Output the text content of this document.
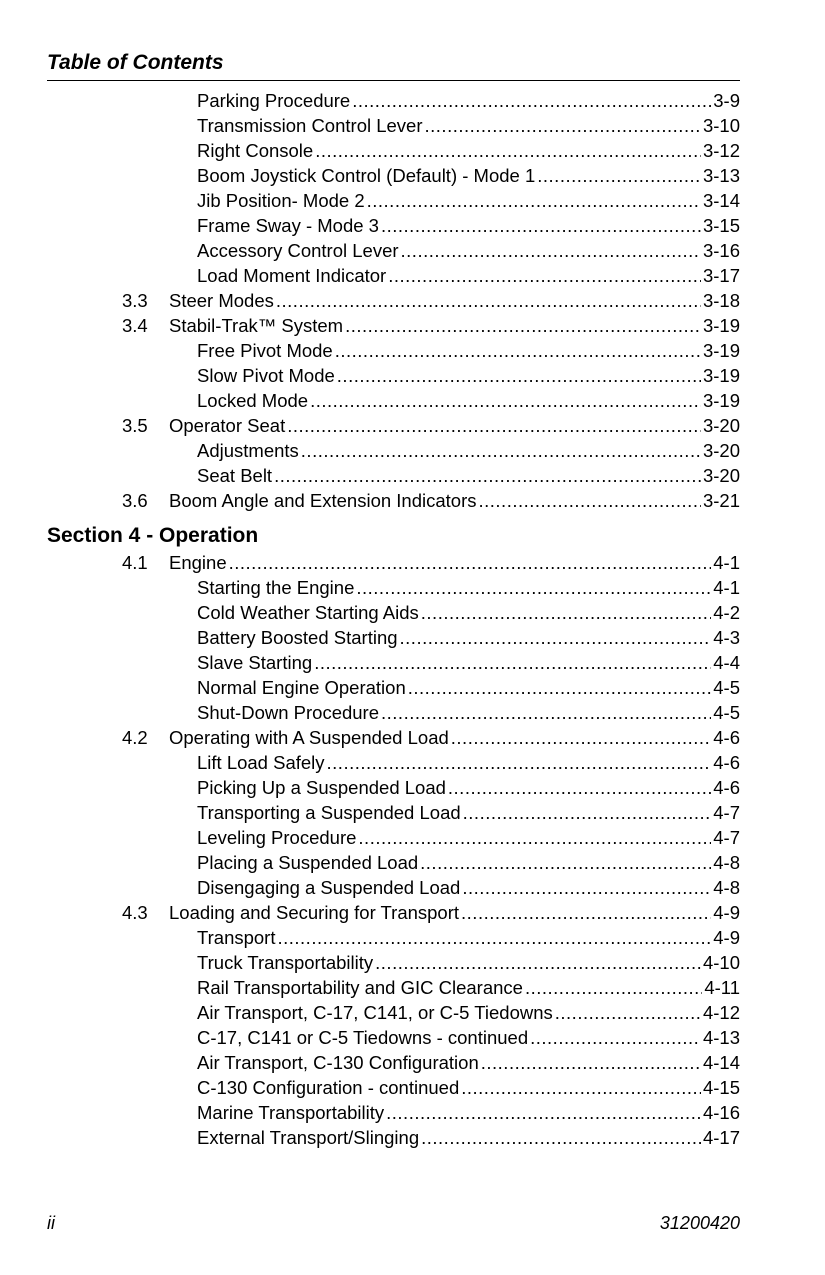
Table of Contents
Parking Procedure .....	3-9
Transmission Control Lever .....	3-10
Right Console .....	3-12
Boom Joystick Control (Default) - Mode 1 .....	3-13
Jib Position- Mode 2 .....	3-14
Frame Sway - Mode 3 .....	3-15
Accessory Control Lever .....	3-16
Load Moment Indicator .....	3-17
3.3 Steer Modes .....	3-18
3.4 Stabil-Trak™ System .....	3-19
Free Pivot Mode .....	3-19
Slow Pivot Mode .....	3-19
Locked Mode .....	3-19
3.5 Operator Seat .....	3-20
Adjustments .....	3-20
Seat Belt .....	3-20
3.6 Boom Angle and Extension Indicators .....	3-21
Section 4 - Operation
4.1 Engine .....	4-1
Starting the Engine .....	4-1
Cold Weather Starting Aids .....	4-2
Battery Boosted Starting .....	4-3
Slave Starting .....	4-4
Normal Engine Operation .....	4-5
Shut-Down Procedure .....	4-5
4.2 Operating with A Suspended Load .....	4-6
Lift Load Safely .....	4-6
Picking Up a Suspended Load .....	4-6
Transporting a Suspended Load .....	4-7
Leveling Procedure .....	4-7
Placing a Suspended Load .....	4-8
Disengaging a Suspended Load .....	4-8
4.3 Loading and Securing for Transport .....	4-9
Transport .....	4-9
Truck Transportability .....	4-10
Rail Transportability and GIC Clearance .....	4-11
Air Transport, C-17, C141, or C-5 Tiedowns .....	4-12
C-17, C141 or C-5 Tiedowns - continued .....	4-13
Air Transport, C-130 Configuration .....	4-14
C-130 Configuration - continued .....	4-15
Marine Transportability .....	4-16
External Transport/Slinging .....	4-17
ii	31200420
